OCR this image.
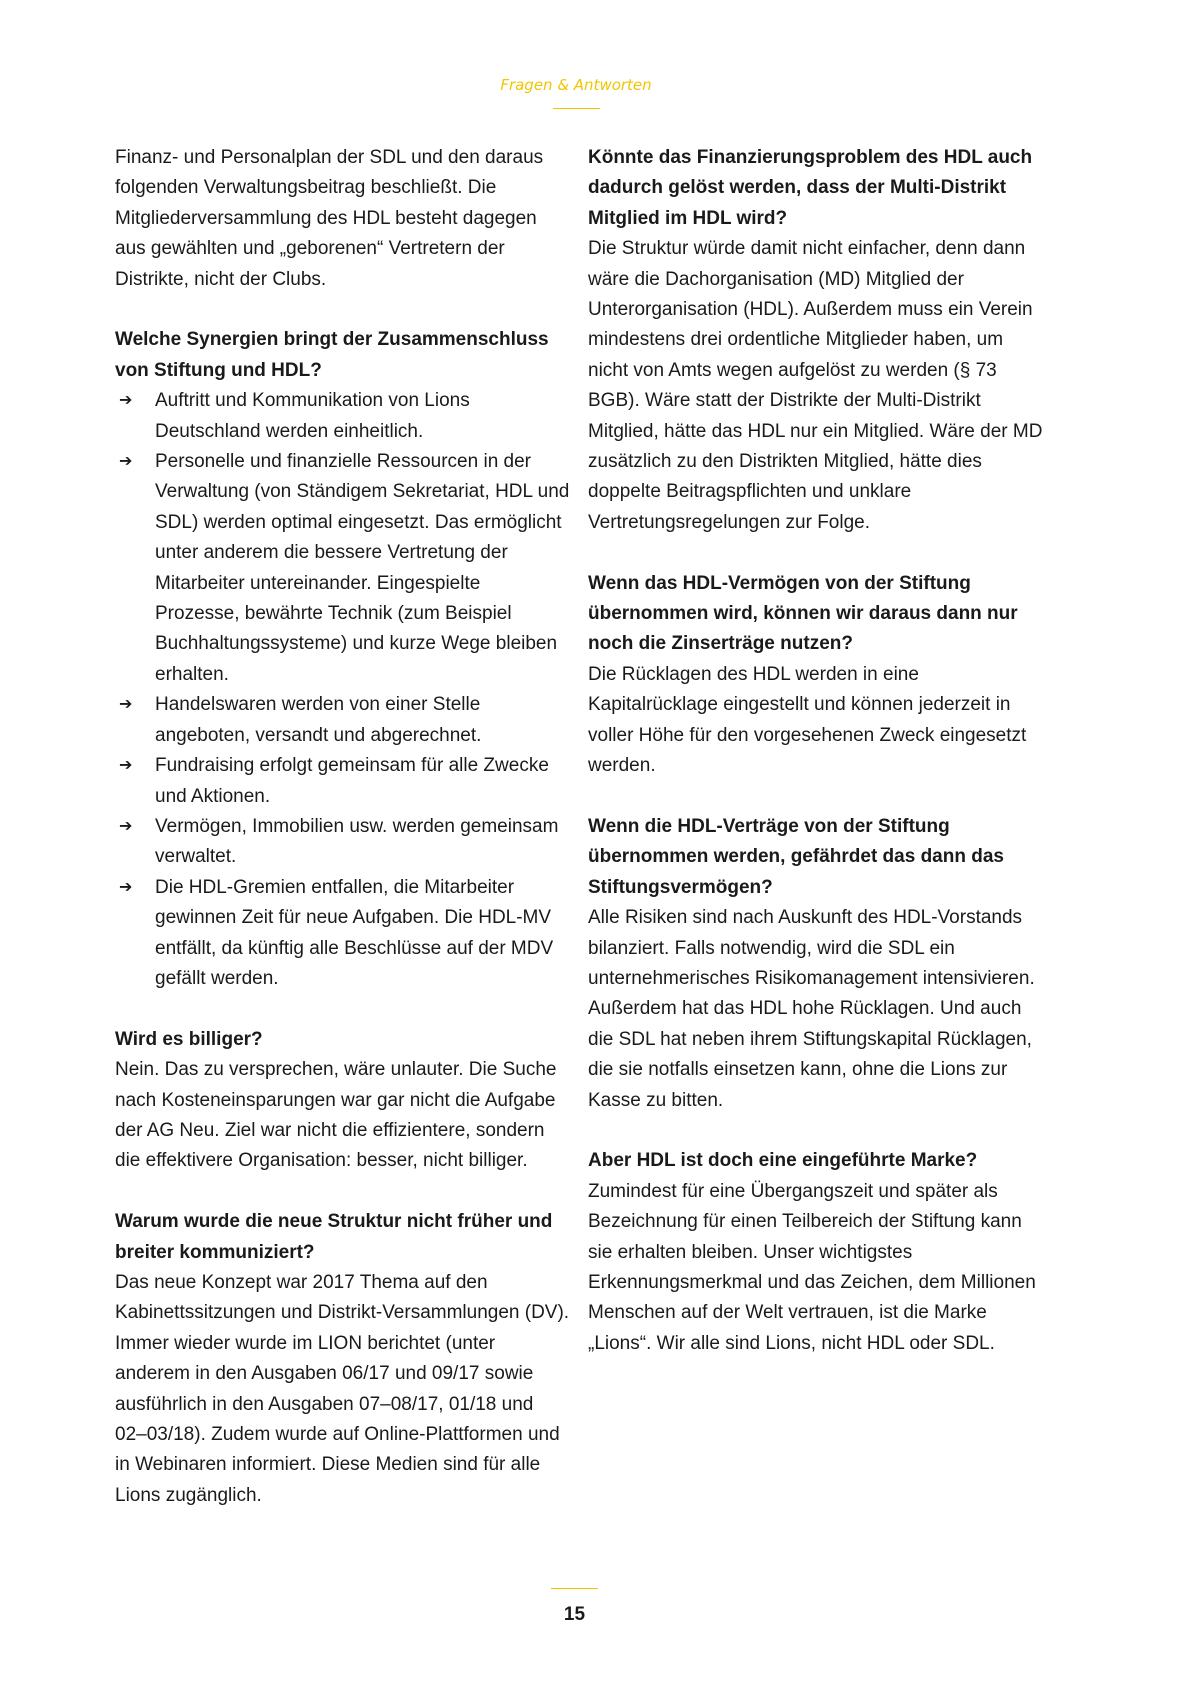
Fragen & Antworten

Finanz- und Personalplan der SDL und den daraus folgenden Verwaltungsbeitrag beschließt. Die Mitgliederversammlung des HDL besteht dagegen aus gewählten und „geborenen“ Vertretern der Distrikte, nicht der Clubs.

Welche Synergien bringt der Zusammenschluss von Stiftung und HDL?
➔ Auftritt und Kommunikation von Lions Deutschland werden einheitlich.
➔ Personelle und finanzielle Ressourcen in der Verwaltung (von Ständigem Sekretariat, HDL und SDL) werden optimal eingesetzt. Das ermöglicht unter anderem die bessere Vertretung der Mitarbeiter untereinander. Eingespielte Prozesse, bewährte Technik (zum Beispiel Buchhaltungssysteme) und kurze Wege bleiben erhalten.
➔ Handelswaren werden von einer Stelle angeboten, versandt und abgerechnet.
➔ Fundraising erfolgt gemeinsam für alle Zwecke und Aktionen.
➔ Vermögen, Immobilien usw. werden gemeinsam verwaltet.
➔ Die HDL-Gremien entfallen, die Mitarbeiter gewinnen Zeit für neue Aufgaben. Die HDL-MV entfällt, da künftig alle Beschlüsse auf der MDV gefällt werden.
Wird es billiger?

Nein. Das zu versprechen, wäre unlauter. Die Suche nach Kosteneinsparungen war gar nicht die Aufgabe der AG Neu. Ziel war nicht die effizientere, sondern die effektivere Organisation: besser, nicht billiger.

Warum wurde die neue Struktur nicht früher und breiter kommuniziert?

Das neue Konzept war 2017 Thema auf den Kabinettssitzungen und Distrikt-Versammlungen (DV). Immer wieder wurde im LION berichtet (unter anderem in den Ausgaben 06/17 und 09/17 sowie ausführlich in den Ausgaben 07–08/17, 01/18 und 02–03/18). Zudem wurde auf Online-Plattformen und in Webinaren informiert. Diese Medien sind für alle Lions zugänglich.

Könnte das Finanzierungsproblem des HDL auch dadurch gelöst werden, dass der Multi-Distrikt Mitglied im HDL wird?

Die Struktur würde damit nicht einfacher, denn dann wäre die Dachorganisation (MD) Mitglied der Unterorganisation (HDL). Außerdem muss ein Verein mindestens drei ordentliche Mitglieder haben, um nicht von Amts wegen aufgelöst zu werden (§ 73 BGB). Wäre statt der Distrikte der Multi-Distrikt Mitglied, hätte das HDL nur ein Mitglied. Wäre der MD zusätzlich zu den Distrikten Mitglied, hätte dies doppelte Beitragspflichten und unklare Vertretungsregelungen zur Folge.

Wenn das HDL-Vermögen von der Stiftung übernommen wird, können wir daraus dann nur noch die Zinserträge nutzen?

Die Rücklagen des HDL werden in eine Kapitalrücklage eingestellt und können jederzeit in voller Höhe für den vorgesehenen Zweck eingesetzt werden.

Wenn die HDL-Verträge von der Stiftung übernommen werden, gefährdet das dann das Stiftungsvermögen?

Alle Risiken sind nach Auskunft des HDL-Vorstands bilanziert. Falls notwendig, wird die SDL ein unternehmerisches Risikomanagement intensivieren. Außerdem hat das HDL hohe Rücklagen. Und auch die SDL hat neben ihrem Stiftungskapital Rücklagen, die sie notfalls einsetzen kann, ohne die Lions zur Kasse zu bitten.

Aber HDL ist doch eine eingeführte Marke?

Zumindest für eine Übergangszeit und später als Bezeichnung für einen Teilbereich der Stiftung kann sie erhalten bleiben. Unser wichtigstes Erkennungsmerkmal und das Zeichen, dem Millionen Menschen auf der Welt vertrauen, ist die Marke „Lions“. Wir alle sind Lions, nicht HDL oder SDL.

15
